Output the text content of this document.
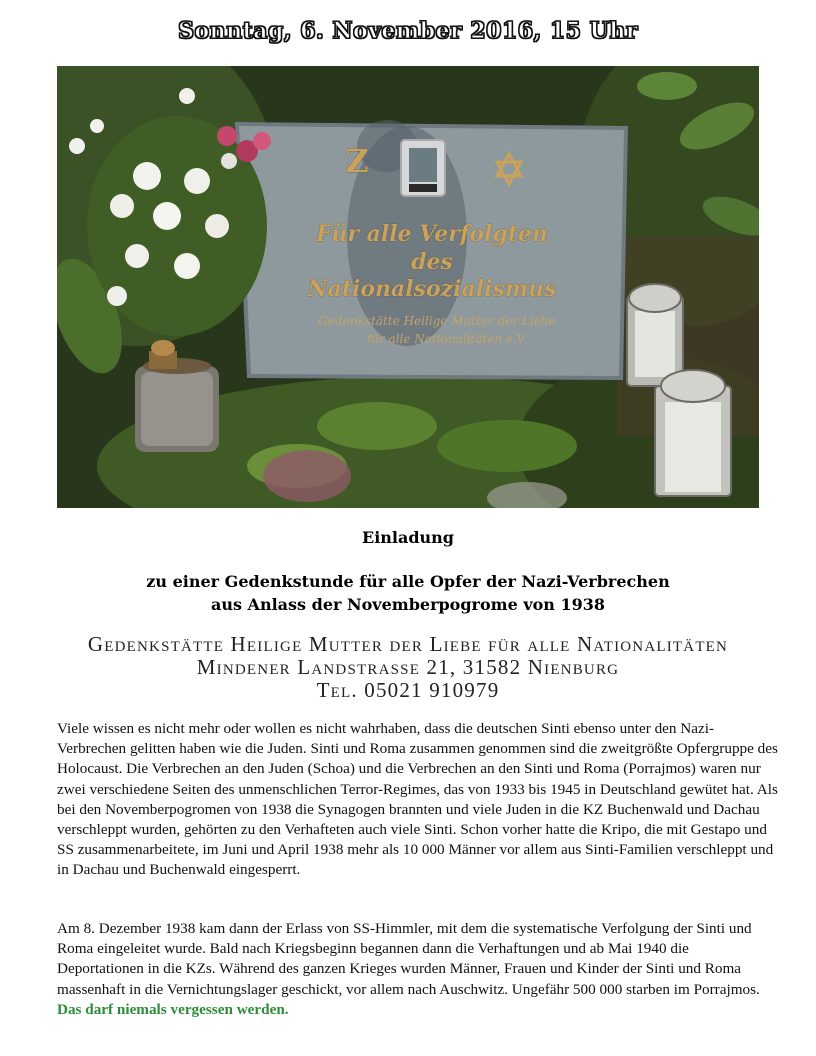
Sonntag, 6. November 2016, 15 Uhr
Z
Für alle Verfolgten
des
Nationalsozialismus
Gedenkstätte Heilige Mutter der Liebe
für alle Nationalitäten e.V.
Einladung
zu einer Gedenkstunde für alle Opfer der Nazi-Verbrechen
aus Anlass der Novemberpogrome von 1938
Gedenkstätte Heilige Mutter der Liebe für alle Nationalitäten
Mindener Landstrasse 21, 31582 Nienburg
Tel. 05021 910979
Viele wissen es nicht mehr oder wollen es nicht wahrhaben, dass die deutschen Sinti ebenso unter den Nazi-Verbrechen gelitten haben wie die Juden. Sinti und Roma zusammen genommen sind die zweitgrößte Opfergruppe des Holocaust. Die Verbrechen an den Juden (Schoa) und die Verbrechen an den Sinti und Roma (Porrajmos) waren nur zwei verschiedene Seiten des unmenschlichen Terror-Regimes, das von 1933 bis 1945 in Deutschland gewütet hat. Als bei den Novemberpogromen von 1938 die Synagogen brannten und viele Juden in die KZ Buchenwald und Dachau verschleppt wurden, gehörten zu den Verhafteten auch viele Sinti. Schon vorher hatte die Kripo, die mit Gestapo und SS zusammenarbeitete, im Juni und April 1938 mehr als 10 000 Männer vor allem aus Sinti-Familien verschleppt und in Dachau und Buchenwald eingesperrt.
Am 8. Dezember 1938 kam dann der Erlass von SS-Himmler, mit dem die systematische Verfolgung der Sinti und Roma eingeleitet wurde. Bald nach Kriegsbeginn begannen dann die Verhaftungen und ab Mai 1940 die Deportationen in die KZs. Während des ganzen Krieges wurden Männer, Frauen und Kinder der Sinti und Roma massenhaft in die Vernichtungslager geschickt, vor allem nach Auschwitz. Ungefähr 500 000 starben im Porrajmos. Das darf niemals vergessen werden.
